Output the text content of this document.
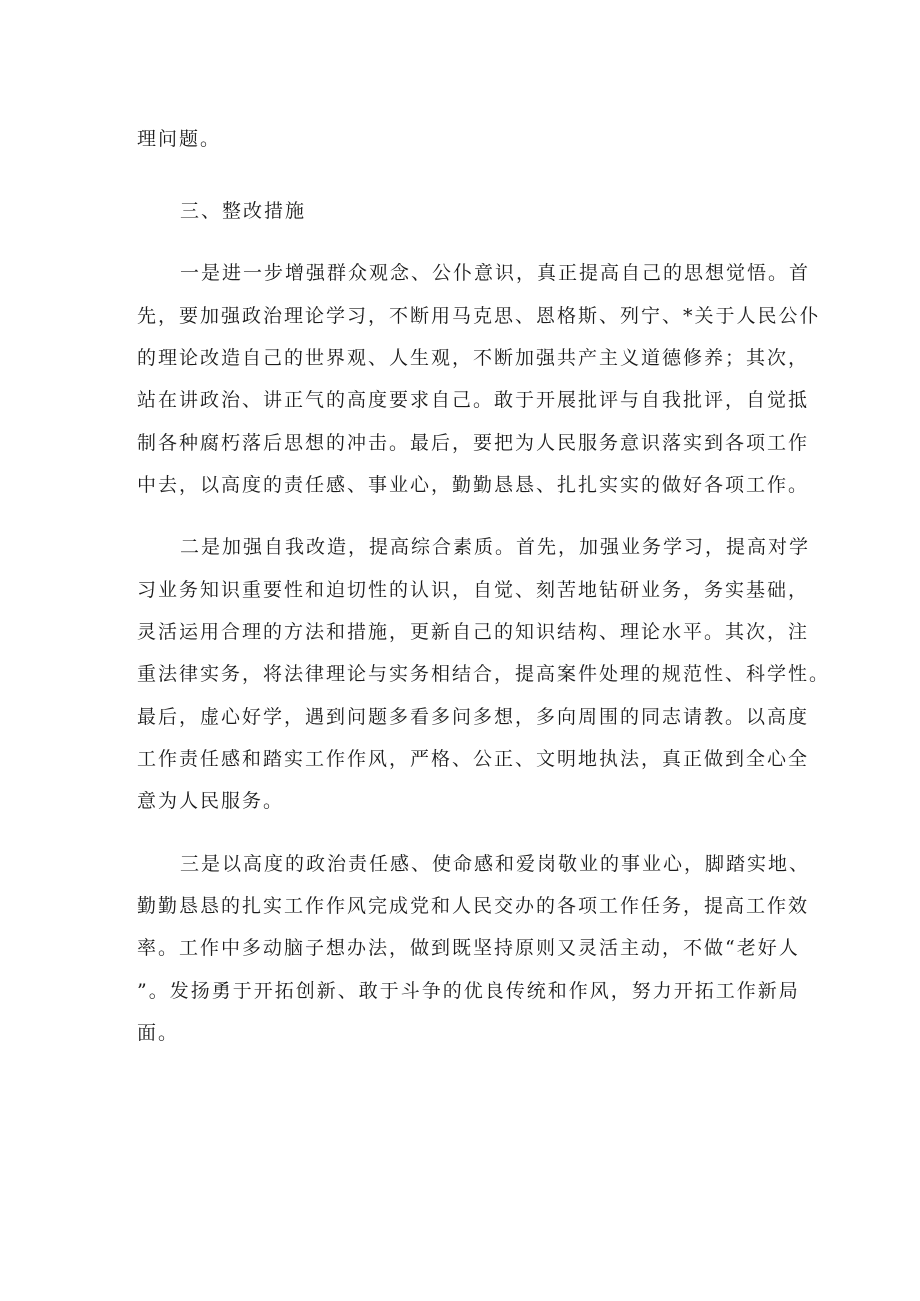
理问题。
三、整改措施
一是进一步增强群众观念、公仆意识，真正提高自己的思想觉悟。首
先，要加强政治理论学习，不断用马克思、恩格斯、列宁、*关于人民公仆
的理论改造自己的世界观、人生观，不断加强共产主义道德修养；其次，
站在讲政治、讲正气的高度要求自己。敢于开展批评与自我批评，自觉抵
制各种腐朽落后思想的冲击。最后，要把为人民服务意识落实到各项工作
中去，以高度的责任感、事业心，勤勤恳恳、扎扎实实的做好各项工作。
二是加强自我改造，提高综合素质。首先，加强业务学习，提高对学
习业务知识重要性和迫切性的认识，自觉、刻苦地钻研业务，务实基础，
灵活运用合理的方法和措施，更新自己的知识结构、理论水平。其次，注
重法律实务，将法律理论与实务相结合，提高案件处理的规范性、科学性。
最后，虚心好学，遇到问题多看多问多想，多向周围的同志请教。以高度
工作责任感和踏实工作作风，严格、公正、文明地执法，真正做到全心全
意为人民服务。
三是以高度的政治责任感、使命感和爱岗敬业的事业心，脚踏实地、
勤勤恳恳的扎实工作作风完成党和人民交办的各项工作任务，提高工作效
率。工作中多动脑子想办法，做到既坚持原则又灵活主动，不做“老好人
”。发扬勇于开拓创新、敢于斗争的优良传统和作风，努力开拓工作新局
面。
